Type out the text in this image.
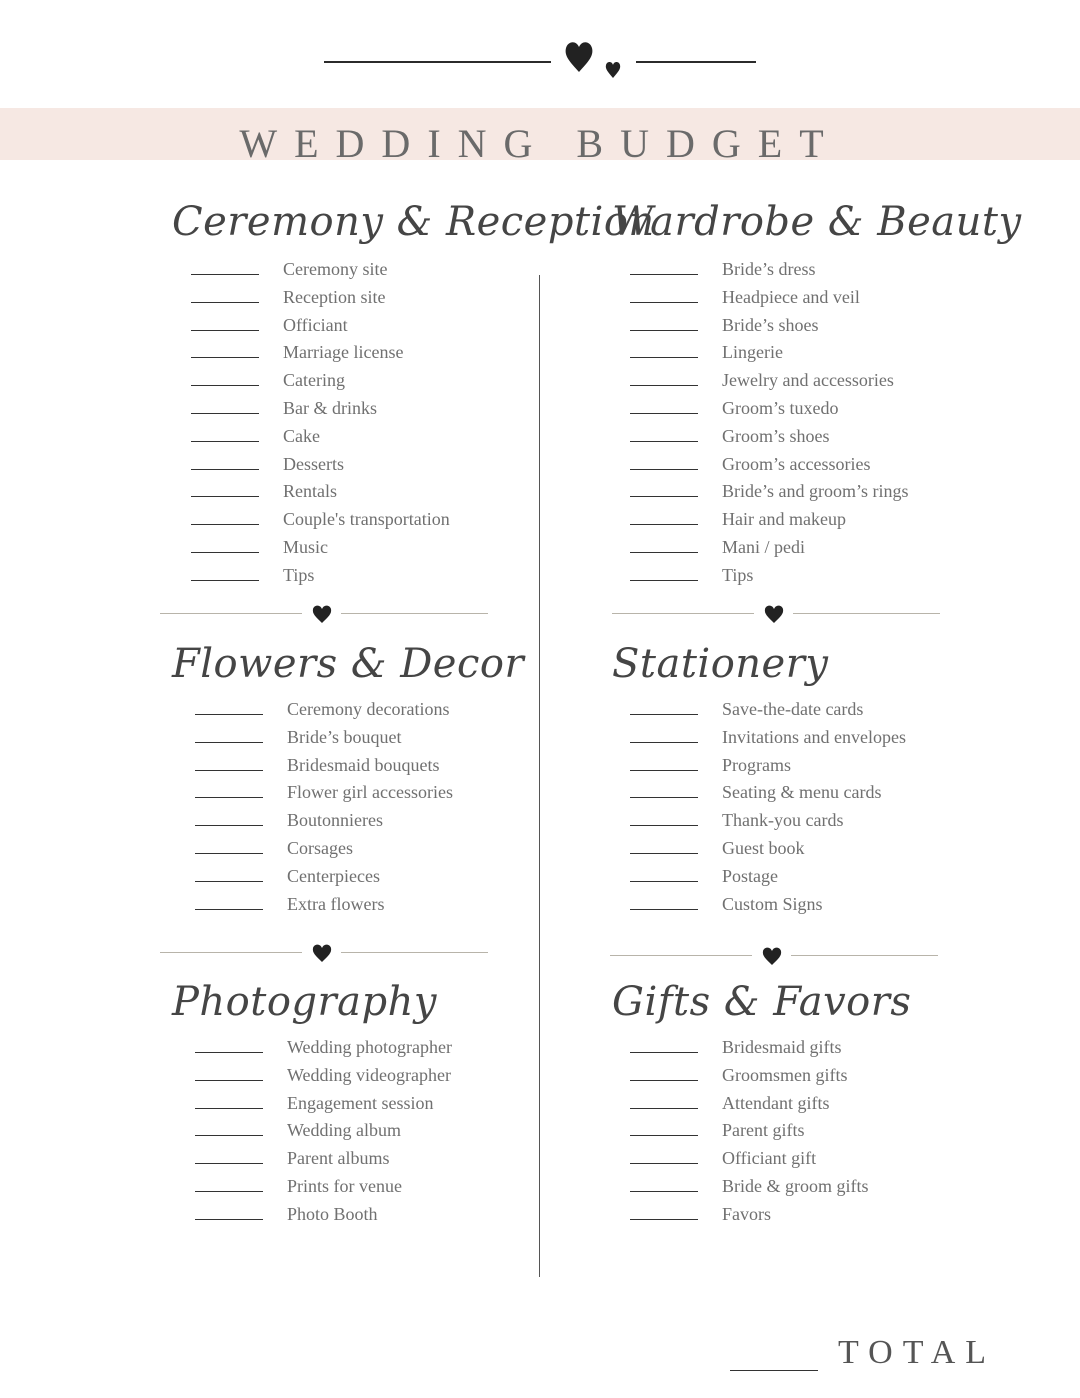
WEDDING BUDGET
Ceremony & Reception
Wardrobe & Beauty
Flowers & Decor Stationery
Photography	Gifts & Favors
TOTAL
Ceremony site
Reception site
Officiant
Marriage license
Catering
Bar & drinks
Cake
Desserts
Rentals
Couple's transportation
Music
Tips
Bride’s dress
Headpiece and veil
Bride’s shoes
Lingerie
Jewelry and accessories
Groom’s tuxedo
Groom’s shoes
Groom’s accessories
Bride’s and groom’s rings
Hair and makeup
Mani / pedi
Tips
Ceremony decorations
Bride’s bouquet
Bridesmaid bouquets
Flower girl accessories
Boutonnieres
Corsages
Centerpieces
Extra flowers
Save-the-date cards
Invitations and envelopes
Programs
Seating & menu cards
Thank-you cards
Guest book
Postage
Custom Signs
Wedding photographer
Wedding videographer
Engagement session
Wedding album
Parent albums
Prints for venue
Photo Booth
Bridesmaid gifts
Groomsmen gifts
Attendant gifts
Parent gifts
Officiant gift
Bride & groom gifts
Favors
